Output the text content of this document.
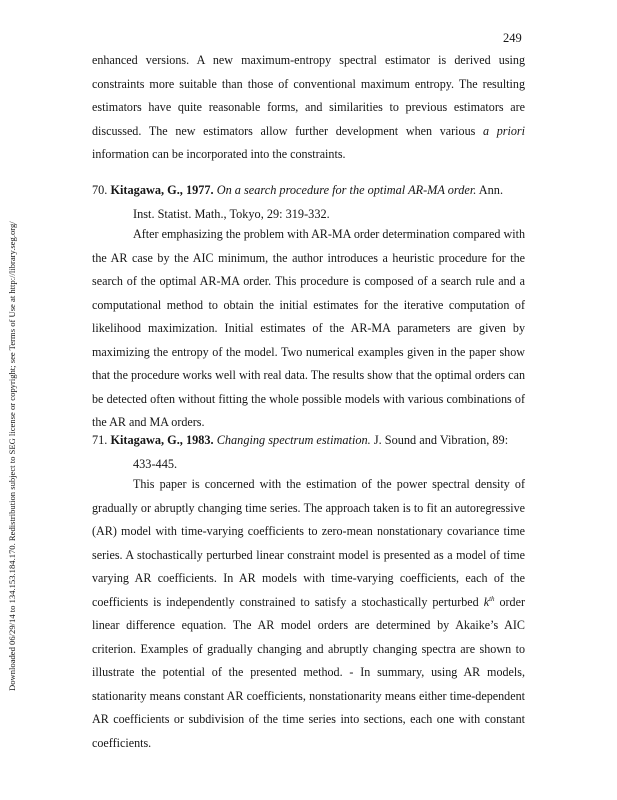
249
Downloaded 06/29/14 to 134.153.184.170. Redistribution subject to SEG license or copyright; see Terms of Use at http://library.seg.org/

enhanced versions. A new maximum-entropy spectral estimator is derived using constraints more suitable than those of conventional maximum entropy. The resulting estimators have quite reasonable forms, and similarities to previous estimators are discussed. The new estimators allow further development when various a priori information can be incorporated into the constraints.

70. Kitagawa, G., 1977. On a search procedure for the optimal AR-MA order. Ann.
Inst. Statist. Math., Tokyo, 29: 319-332.

After emphasizing the problem with AR-MA order determination compared with the AR case by the AIC minimum, the author introduces a heuristic procedure for the search of the optimal AR-MA order. This procedure is composed of a search rule and a computational method to obtain the initial estimates for the iterative computation of likelihood maximization. Initial estimates of the AR-MA parameters are given by maximizing the entropy of the model. Two numerical examples given in the paper show that the procedure works well with real data. The results show that the optimal orders can be detected often without fitting the whole possible models with various combinations of the AR and MA orders.

71. Kitagawa, G., 1983. Changing spectrum estimation. J. Sound and Vibration, 89:
433-445.

This paper is concerned with the estimation of the power spectral density of gradually or abruptly changing time series. The approach taken is to fit an autoregressive (AR) model with time-varying coefficients to zero-mean nonstationary covariance time series. A stochastically perturbed linear constraint model is presented as a model of time varying AR coefficients. In AR models with time-varying coefficients, each of the coefficients is independently constrained to satisfy a stochastically perturbed $k^{th}$ order linear difference equation. The AR model orders are determined by Akaike’s AIC criterion. Examples of gradually changing and abruptly changing spectra are shown to illustrate the potential of the presented method. - In summary, using AR models, stationarity means constant AR coefficients, nonstationarity means either time-dependent AR coefficients or subdivision of the time series into sections, each one with constant coefficients.
